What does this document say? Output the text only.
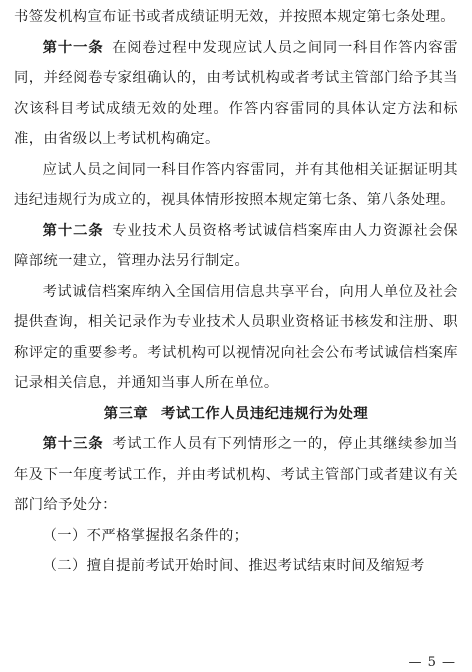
书签发机构宣布证书或者成绩证明无效，并按照本规定第七条处理。

第十一条 在阅卷过程中发现应试人员之间同一科目作答内容雷同，并经阅卷专家组确认的，由考试机构或者考试主管部门给予其当次该科目考试成绩无效的处理。作答内容雷同的具体认定方法和标准，由省级以上考试机构确定。

应试人员之间同一科目作答内容雷同，并有其他相关证据证明其违纪违规行为成立的，视具体情形按照本规定第七条、第八条处理。

第十二条 专业技术人员资格考试诚信档案库由人力资源社会保障部统一建立，管理办法另行制定。

考试诚信档案库纳入全国信用信息共享平台，向用人单位及社会提供查询，相关记录作为专业技术人员职业资格证书核发和注册、职称评定的重要参考。考试机构可以视情况向社会公布考试诚信档案库记录相关信息，并通知当事人所在单位。

第三章 考试工作人员违纪违规行为处理

第十三条 考试工作人员有下列情形之一的，停止其继续参加当年及下一年度考试工作，并由考试机构、考试主管部门或者建议有关部门给予处分：

（一）不严格掌握报名条件的；

（二）擅自提前考试开始时间、推迟考试结束时间及缩短考

— 5 —
